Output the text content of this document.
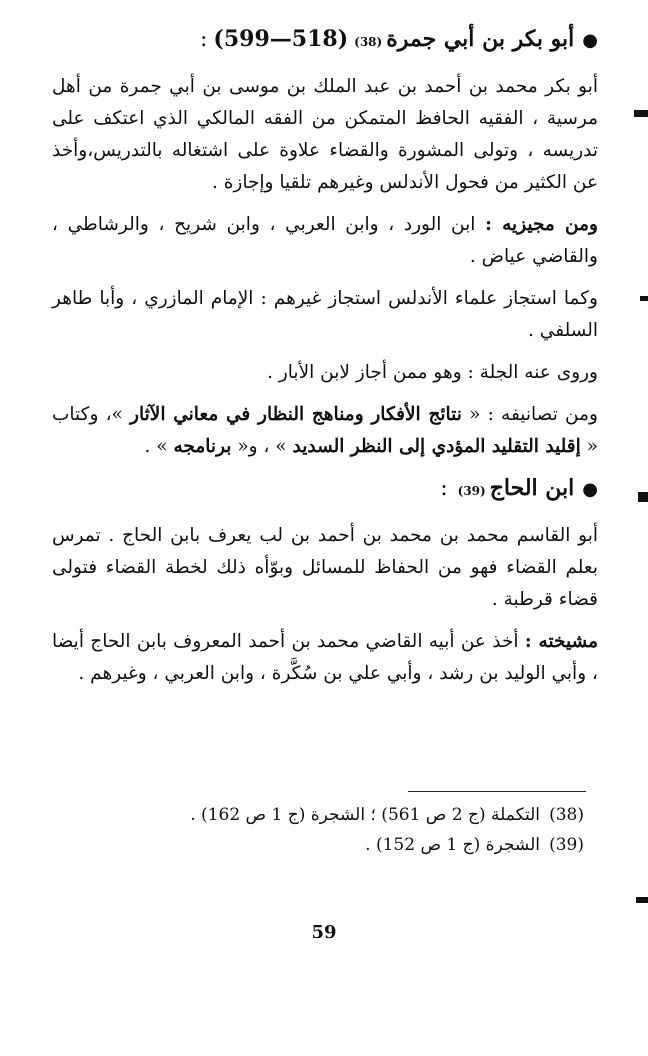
●
أبو بكر بن أبي جمرة
(38)
(518—599)
:

أبو بكر محمد بن أحمد بن عبد الملك بن موسى بن أبي جمرة من أهل مرسية ، الفقيه الحافظ المتمكن من الفقه المالكي الذي اعتكف على تدريسه ، وتولى المشورة والقضاء علاوة على اشتغاله بالتدريس،وأخذ عن الكثير من فحول الأندلس وغيرهم تلقيا وإجازة .

ومن مجيزيه : ابن الورد ، وابن العربي ، وابن شريح ، والرشاطي ، والقاضي عياض .

وكما استجاز علماء الأندلس استجاز غيرهم : الإمام المازري ، وأبا طاهر السلفي .

وروى عنه الجلة : وهو ممن أجاز لابن الأبار .

ومن تصانيفه : « نتائج الأفكار ومناهج النظار في معاني الآثار »، وكتاب « إقليد التقليد المؤدي إلى النظر السديد » ، و« برنامجه » .

●
ابن الحاج
(39)
:

أبو القاسم محمد بن محمد بن أحمد بن لب يعرف بابن الحاج . تمرس بعلم القضاء فهو من الحفاظ للمسائل وبوّأه ذلك لخطة القضاء فتولى قضاء قرطبة .

مشيخته : أخذ عن أبيه القاضي محمد بن أحمد المعروف بابن الحاج أيضا ، وأبي الوليد بن رشد ، وأبي علي بن سُكَّرة ، وابن العربي ، وغيرهم .

(38)
التكملة (ج 2 ص 561) ؛ الشجرة (ج 1 ص 162) .
(39)
الشجرة (ج 1 ص 152) .
59
